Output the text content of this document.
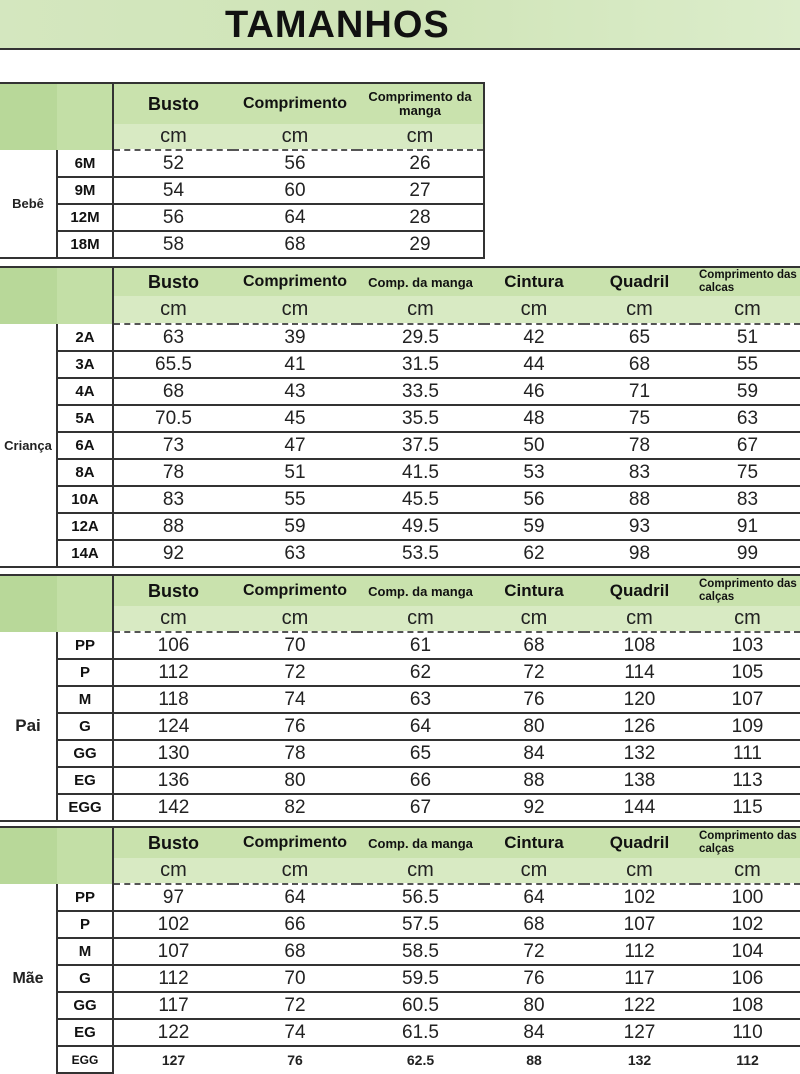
TAMANHOS
		Busto	Comprimento	Comprimento da manga
		cm	cm	cm
Bebê	6M	52	56	26
	9M	54	60	27
	12M	56	64	28
	18M	58	68	29
		Busto	Comprimento	Comp. da manga	Cintura	Quadril	Comprimento das calcas
		cm	cm	cm	cm	cm	cm
Criança	2A	63	39	29.5	42	65	51
	3A	65.5	41	31.5	44	68	55
	4A	68	43	33.5	46	71	59
	5A	70.5	45	35.5	48	75	63
	6A	73	47	37.5	50	78	67
	8A	78	51	41.5	53	83	75
	10A	83	55	45.5	56	88	83
	12A	88	59	49.5	59	93	91
	14A	92	63	53.5	62	98	99
		Busto	Comprimento	Comp. da manga	Cintura	Quadril	Comprimento das calças
		cm	cm	cm	cm	cm	cm
Pai	PP	106	70	61	68	108	103
	P	112	72	62	72	114	105
	M	118	74	63	76	120	107
	G	124	76	64	80	126	109
	GG	130	78	65	84	132	111
	EG	136	80	66	88	138	113
	EGG	142	82	67	92	144	115
		Busto	Comprimento	Comp. da manga	Cintura	Quadril	Comprimento das calças
		cm	cm	cm	cm	cm	cm
Mãe	PP	97	64	56.5	64	102	100
	P	102	66	57.5	68	107	102
	M	107	68	58.5	72	112	104
	G	112	70	59.5	76	117	106
	GG	117	72	60.5	80	122	108
	EG	122	74	61.5	84	127	110
	EGG	127	76	62.5	88	132	112
